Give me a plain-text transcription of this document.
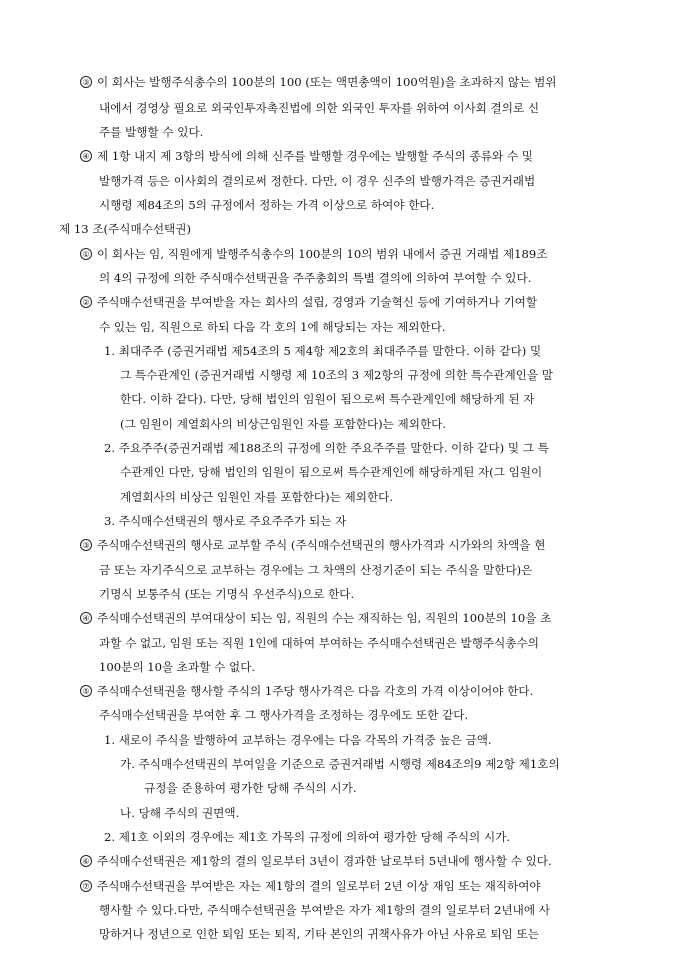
③ 이 회사는 발행주식총수의 100분의 100 (또는 액면총액이 100억원)을 초과하지 않는 범위
내에서 경영상 필요로 외국인투자촉진법에 의한 외국인 투자를 위하여 이사회 결의로 신
주를 발행할 수 있다.
④ 제 1항 내지 제 3항의 방식에 의해 신주를 발행할 경우에는 발행할 주식의 종류와 수 및
발행가격 등은 이사회의 결의로써 정한다. 다만, 이 경우 신주의 발행가격은 증권거래법
시행령 제84조의 5의 규정에서 정하는 가격 이상으로 하여야 한다.
제 13 조(주식매수선택권)
① 이 회사는 임, 직원에게 발행주식총수의 100분의 10의 범위 내에서 증권 거래법 제189조
의 4의 규정에 의한 주식매수선택권을 주주총회의 특별 결의에 의하여 부여할 수 있다.
② 주식매수선택권을 부여받을 자는 회사의 설립, 경영과 기술혁신 등에 기여하거나 기여할
수 있는 임, 직원으로 하되 다음 각 호의 1에 해당되는 자는 제외한다.
1. 최대주주 (증권거래법 제54조의 5 제4항 제2호의 최대주주를 말한다. 이하 같다) 및
그 특수관계인 (증권거래법 시행령 제 10조의 3 제2항의 규정에 의한 특수관계인을 말
한다. 이하 같다). 다만, 당해 법인의 임원이 됨으로써 특수관계인에 해당하게 된 자
(그 임원이 계열회사의 비상근임원인 자를 포함한다)는 제외한다.
2. 주요주주(증권거래법 제188조의 규정에 의한 주요주주를 말한다. 이하 같다) 및 그 특
수관계인 다만, 당해 법인의 임원이 됨으로써 특수관계인에 해당하게된 자(그 임원이
계열회사의 비상근 임원인 자를 포함한다)는 제외한다.
3. 주식매수선택권의 행사로 주요주주가 되는 자
③ 주식매수선택권의 행사로 교부할 주식 (주식매수선택권의 행사가격과 시가와의 차액을 현
금 또는 자기주식으로 교부하는 경우에는 그 차액의 산정기준이 되는 주식을 말한다)은
기명식 보통주식 (또는 기명식 우선주식)으로 한다.
④ 주식매수선택권의 부여대상이 되는 임, 직원의 수는 재직하는 임, 직원의 100분의 10을 초
과할 수 없고, 임원 또는 직원 1인에 대하여 부여하는 주식매수선택권은 발행주식총수의
100분의 10을 초과할 수 없다.
⑤ 주식매수선택권을 행사할 주식의 1주당 행사가격은 다음 각호의 가격 이상이어야 한다.
주식매수선택권을 부여한 후 그 행사가격을 조정하는 경우에도 또한 같다.
1. 새로이 주식을 발행하여 교부하는 경우에는 다음 각목의 가격중 높은 금액.
가. 주식매수선택권의 부여일을 기준으로 증권거래법 시행령 제84조의9 제2항 제1호의
규정을 준용하여 평가한 당해 주식의 시가.
나. 당해 주식의 권면액.
2. 제1호 이외의 경우에는 제1호 가목의 규정에 의하여 평가한 당해 주식의 시가.
⑥ 주식매수선택권은 제1항의 결의 일로부터 3년이 경과한 날로부터 5년내에 행사할 수 있다.
⑦ 주식매수선택권을 부여받은 자는 제1항의 결의 일로부터 2년 이상 재임 또는 재직하여야
행사할 수 있다.다만, 주식매수선택권을 부여받은 자가 제1항의 결의 일로부터 2년내에 사
망하거나 정년으로 인한 퇴임 또는 퇴직, 기타 본인의 귀책사유가 아닌 사유로 퇴임 또는
